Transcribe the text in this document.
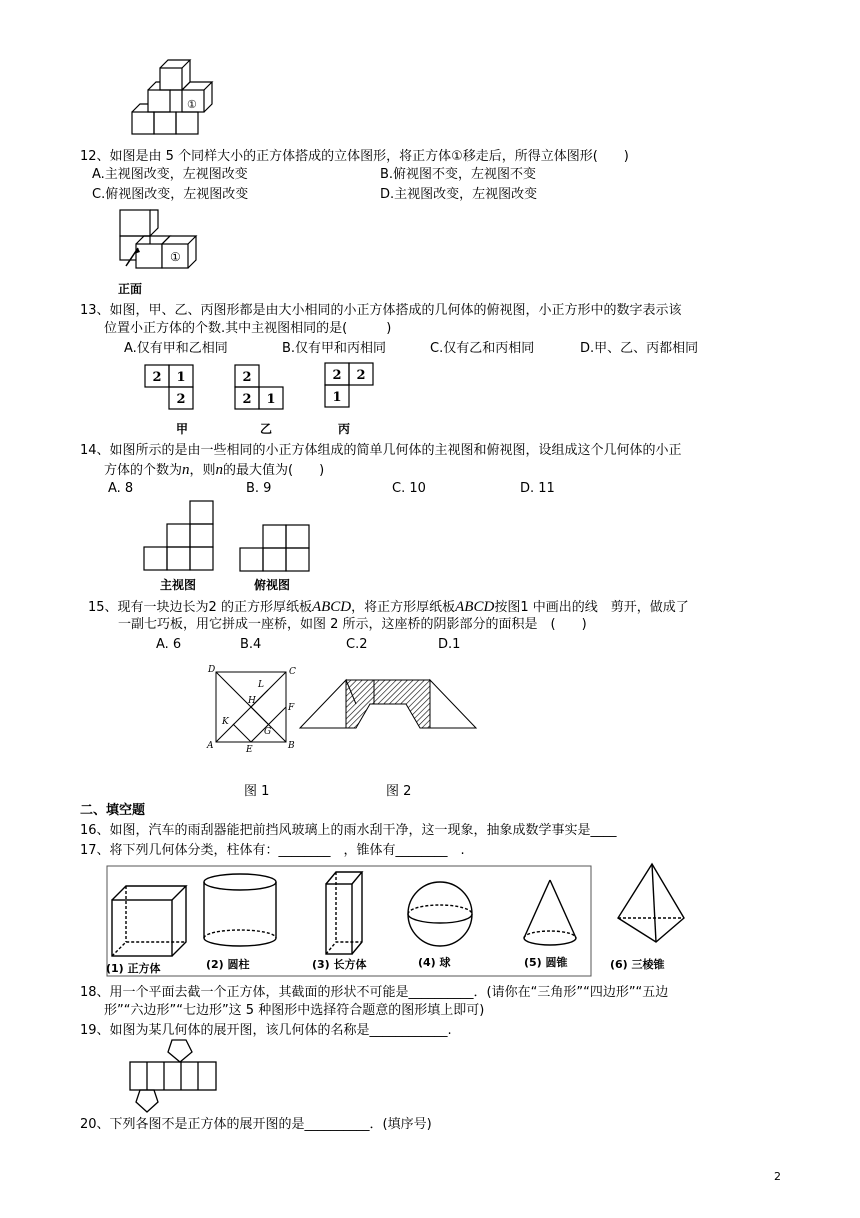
①
12、如图是由 5 个同样大小的正方体搭成的立体图形，将正方体①移走后，所得立体图形(　　)
A.主视图改变，左视图改变	B.俯视图不变，左视图不变
C.俯视图改变，左视图改变	D.主视图改变，左视图改变
①
正面
13、如图，甲、乙、丙图形都是由大小相同的小正方体搭成的几何体的俯视图，小正方形中的数字表示该
位置小正方体的个数.其中主视图相同的是(　　　)
A.仅有甲和乙相同	B.仅有甲和丙相同	C.仅有乙和丙相同	D.甲、乙、丙都相同
2 1
2
甲
2
2 1
乙
2 2
1
丙
14、如图所示的是由一些相同的小正方体组成的简单几何体的主视图和俯视图，设组成这个几何体的小正
方体的个数为n，则n的最大值为(　　)
A. 8	B. 9	C. 10	D. 11
主视图	俯视图
15、现有一块边长为2 的正方形厚纸板ABCD，将正方形厚纸板ABCD按图1 中画出的线　剪开，做成了
一副七巧板，用它拼成一座桥，如图 2 所示，这座桥的阴影部分的面积是　(　　)
A. 6	B.4	C.2	D.1
D	C
L
H
F
K
G
A	E	B
图 1	图 2
二、填空题
16、如图，汽车的雨刮器能把前挡风玻璃上的雨水刮干净，这一现象，抽象成数学事实是____
17、将下列几何体分类，柱体有：________　，锥体有________　.
(1) 正方体	(2) 圆柱	(3) 长方体	(4) 球	(5) 圆锥	(6) 三棱锥
18、用一个平面去截一个正方体，其截面的形状不可能是__________．(请你在“三角形”“四边形”“五边
形”“六边形”“七边形”这 5 种图形中选择符合题意的图形填上即可)
19、如图为某几何体的展开图，该几何体的名称是____________.
20、下列各图不是正方体的展开图的是__________．(填序号)
2
